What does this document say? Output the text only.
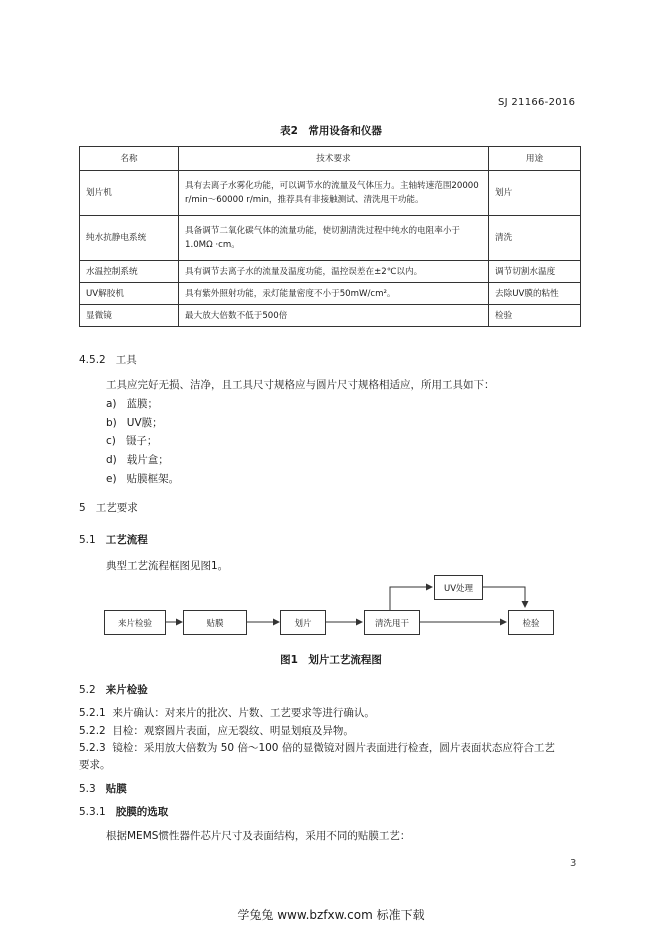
SJ 21166-2016
表2　常用设备和仪器
名称	技术要求	用途
划片机	具有去离子水雾化功能，可以调节水的流量及气体压力。主轴转速范围20000 r/min～60000 r/min，推荐具有非接触测试、清洗甩干功能。	划片
纯水抗静电系统	具备调节二氧化碳气体的流量功能，使切割清洗过程中纯水的电阻率小于1.0MΩ ·cm。	清洗
水温控制系统	具有调节去离子水的流量及温度功能，温控误差在±2℃以内。	调节切割水温度
UV解胶机	具有紫外照射功能，汞灯能量密度不小于50mW/cm²。	去除UV膜的粘性
显微镜	最大放大倍数不低于500倍	检验
4.5.2 工具
工具应完好无损、洁净，且工具尺寸规格应与圆片尺寸规格相适应，所用工具如下：
a) 蓝膜；
b) UV膜；
c) 镊子；
d) 载片盒；
e) 贴膜框架。
5 工艺要求
5.1 工艺流程
典型工艺流程框图见图1。
来片检验	贴膜	划片	清洗甩干
UV处理
检验
图1　划片工艺流程图
5.2 来片检验
5.2.1 来片确认：对来片的批次、片数、工艺要求等进行确认。
5.2.2 目检：观察圆片表面，应无裂纹、明显划痕及异物。
5.2.3 镜检：采用放大倍数为 50 倍～100 倍的显微镜对圆片表面进行检查，圆片表面状态应符合工艺
要求。
5.3 贴膜
5.3.1 胶膜的选取
根据MEMS惯性器件芯片尺寸及表面结构，采用不同的贴膜工艺：
3
学兔兔 www.bzfxw.com 标准下载
